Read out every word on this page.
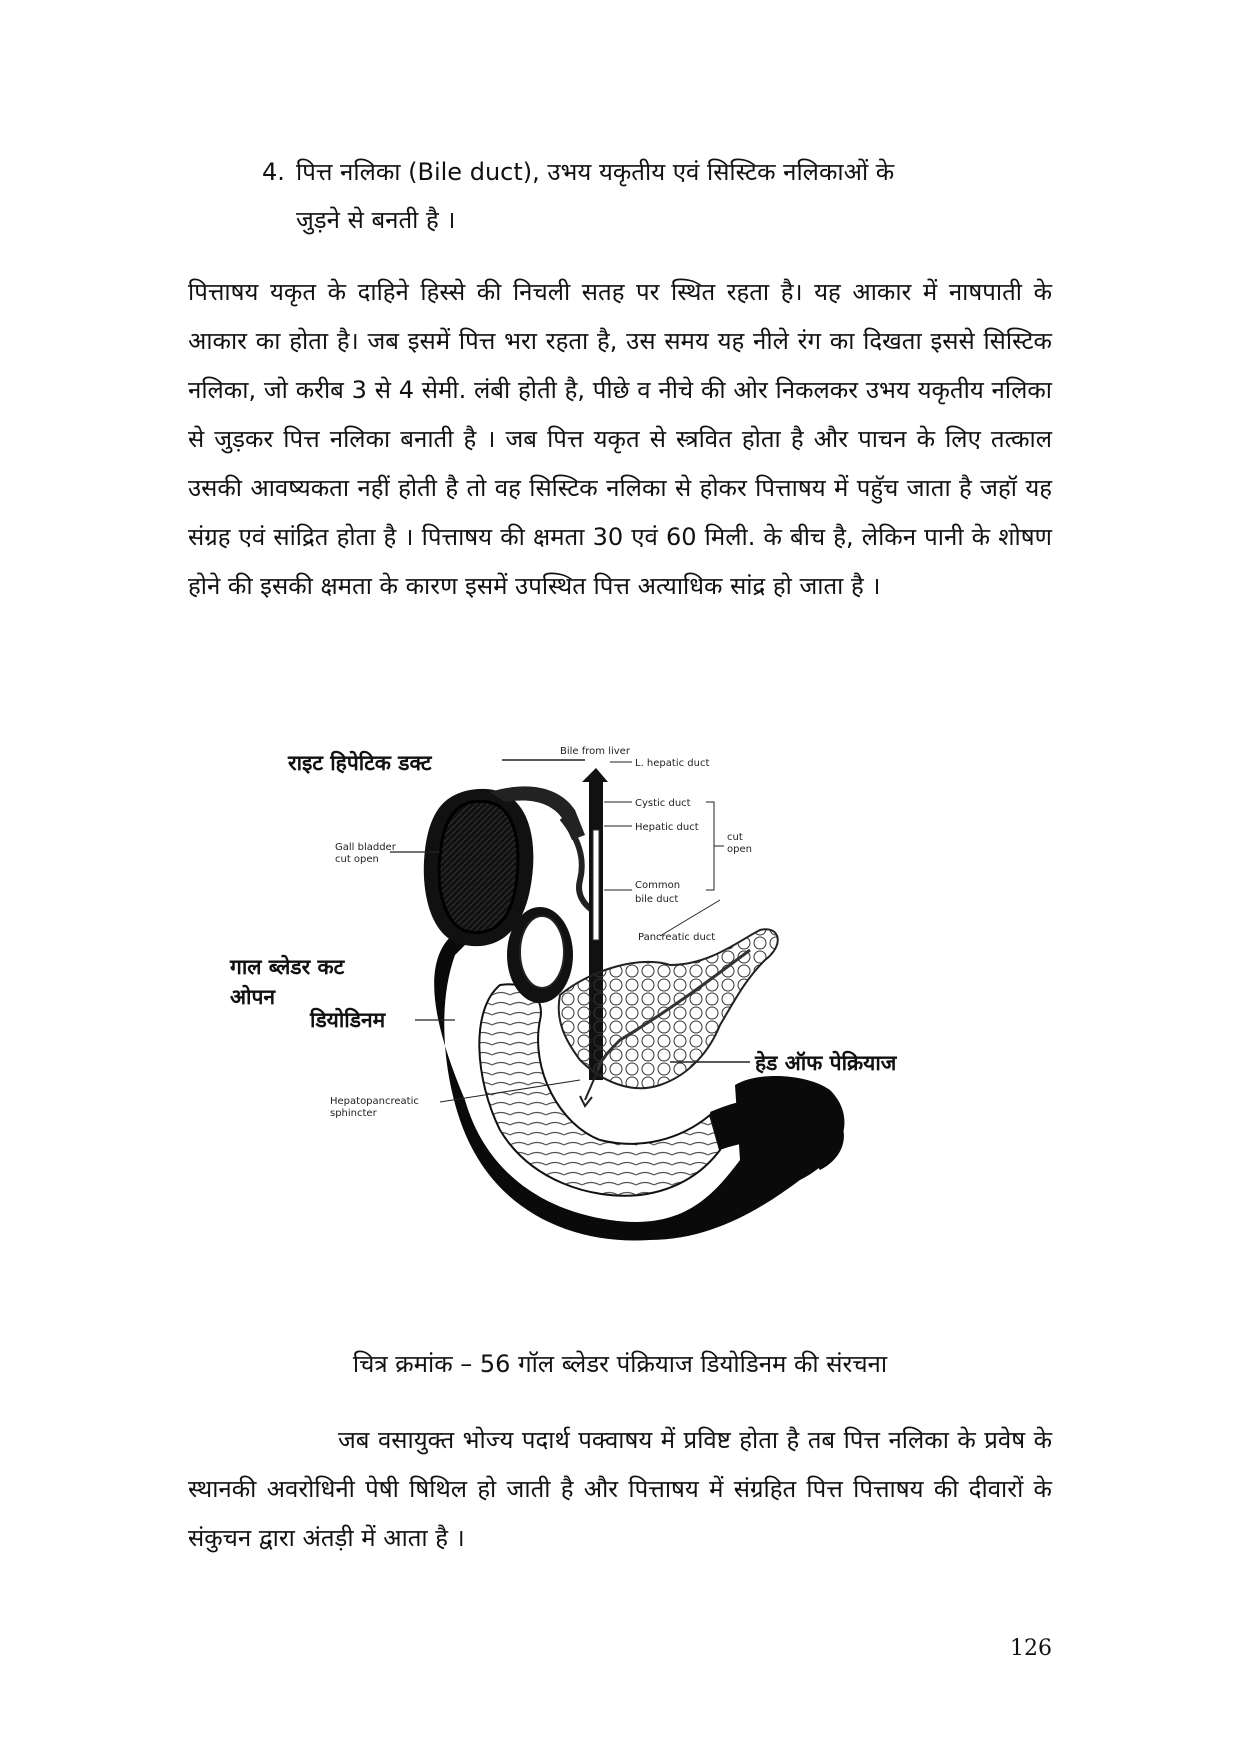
4. पित्त नलिका (Bile duct), उभय यकृतीय एवं सिस्टिक नलिकाओं के
जुड़ने से बनती है ।

पित्ताषय यकृत के दाहिने हिस्से की निचली सतह पर स्थित रहता है। यह आकार में नाषपाती के आकार का होता है। जब इसमें पित्त भरा रहता है, उस समय यह नीले रंग का दिखता इससे सिस्टिक नलिका, जो करीब 3 से 4 सेमी. लंबी होती है, पीछे व नीचे की ओर निकलकर उभय यकृतीय नलिका से जुड़कर पित्त नलिका बनाती है । जब पित्त यकृत से स्त्रवित होता है और पाचन के लिए तत्काल उसकी आवष्यकता नहीं होती है तो वह सिस्टिक नलिका से होकर पित्ताषय में पहुॅच जाता है जहॉ यह संग्रह एवं सांद्रित होता है । पित्ताषय की क्षमता 30 एवं 60 मिली. के बीच है, लेकिन पानी के शोषण होने की इसकी क्षमता के कारण इसमें उपस्थित पित्त अत्याधिक सांद्र हो जाता है ।

राइट हिपेटिक डक्ट
गाल ब्लेडर कट
ओपन
डियोडिनम
हेड ऑफ पेक्रियाज
Bile from liver
L. hepatic duct
Cystic duct
Hepatic duct
cut
open
Gall bladder
cut open
Common
bile duct
Pancreatic duct
Hepatopancreatic
sphincter
चित्र क्रमांक – 56 गॉल ब्लेडर पंक्रियाज डियोडिनम की संरचना

जब वसायुक्त भोज्य पदार्थ पक्वाषय में प्रविष्ट होता है तब पित्त नलिका के प्रवेष के स्थानकी अवरोधिनी पेषी षिथिल हो जाती है और पित्ताषय में संग्रहित पित्त पित्ताषय की दीवारों के संकुचन द्वारा अंतड़ी में आता है ।

126
